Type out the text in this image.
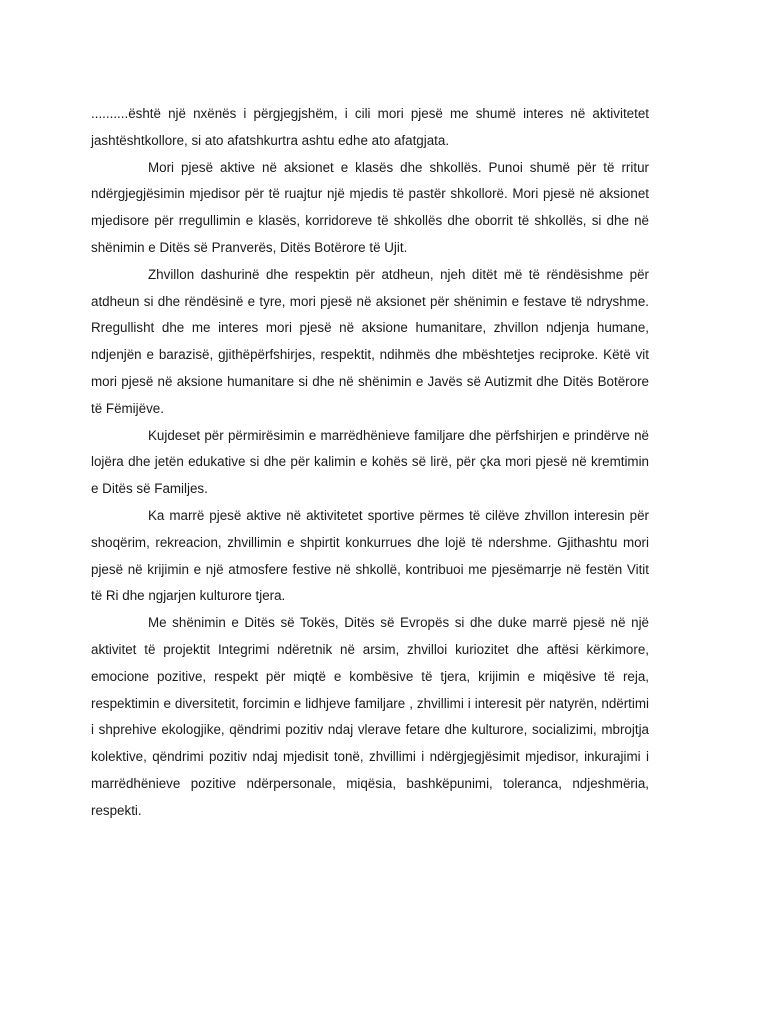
..........është një nxënës i përgjegjshëm, i cili mori pjesë me shumë interes në aktivitetet jashtështkollore, si ato afatshkurtra ashtu edhe ato afatgjata.

Mori pjesë aktive në aksionet e klasës dhe shkollës. Punoi shumë për të rritur ndërgjegjësimin mjedisor për të ruajtur një mjedis të pastër shkollorë. Mori pjesë në aksionet mjedisore për rregullimin e klasës, korridoreve të shkollës dhe oborrit të shkollës, si dhe në shënimin e Ditës së Pranverës, Ditës Botërore të Ujit.

Zhvillon dashurinë dhe respektin për atdheun, njeh ditët më të rëndësishme për atdheun si dhe rëndësinë e tyre, mori pjesë në aksionet për shënimin e festave të ndryshme. Rregullisht dhe me interes mori pjesë në aksione humanitare, zhvillon ndjenja humane, ndjenjën e barazisë, gjithëpërfshirjes, respektit, ndihmës dhe mbështetjes reciproke. Këtë vit mori pjesë në aksione humanitare si dhe në shënimin e Javës së Autizmit dhe Ditës Botërore të Fëmijëve.

Kujdeset për përmirësimin e marrëdhënieve familjare dhe përfshirjen e prindërve në lojëra dhe jetën edukative si dhe për kalimin e kohës së lirë, për çka mori pjesë në kremtimin e Ditës së Familjes.

Ka marrë pjesë aktive në aktivitetet sportive përmes të cilëve zhvillon interesin për shoqërim, rekreacion, zhvillimin e shpirtit konkurrues dhe lojë të ndershme. Gjithashtu mori pjesë në krijimin e një atmosfere festive në shkollë, kontribuoi me pjesëmarrje në festën Vitit të Ri dhe ngjarjen kulturore tjera.

Me shënimin e Ditës së Tokës, Ditës së Evropës si dhe duke marrë pjesë në një aktivitet të projektit Integrimi ndëretnik në arsim, zhvilloi kuriozitet dhe aftësi kërkimore, emocione pozitive, respekt për miqtë e kombësive të tjera, krijimin e miqësive të reja, respektimin e diversitetit, forcimin e lidhjeve familjare , zhvillimi i interesit për natyrën, ndërtimi i shprehive ekologjike, qëndrimi pozitiv ndaj vlerave fetare dhe kulturore, socializimi, mbrojtja kolektive, qëndrimi pozitiv ndaj mjedisit tonë, zhvillimi i ndërgjegjësimit mjedisor, inkurajimi i marrëdhënieve pozitive ndërpersonale, miqësia, bashkëpunimi, toleranca, ndjeshmëria, respekti.
